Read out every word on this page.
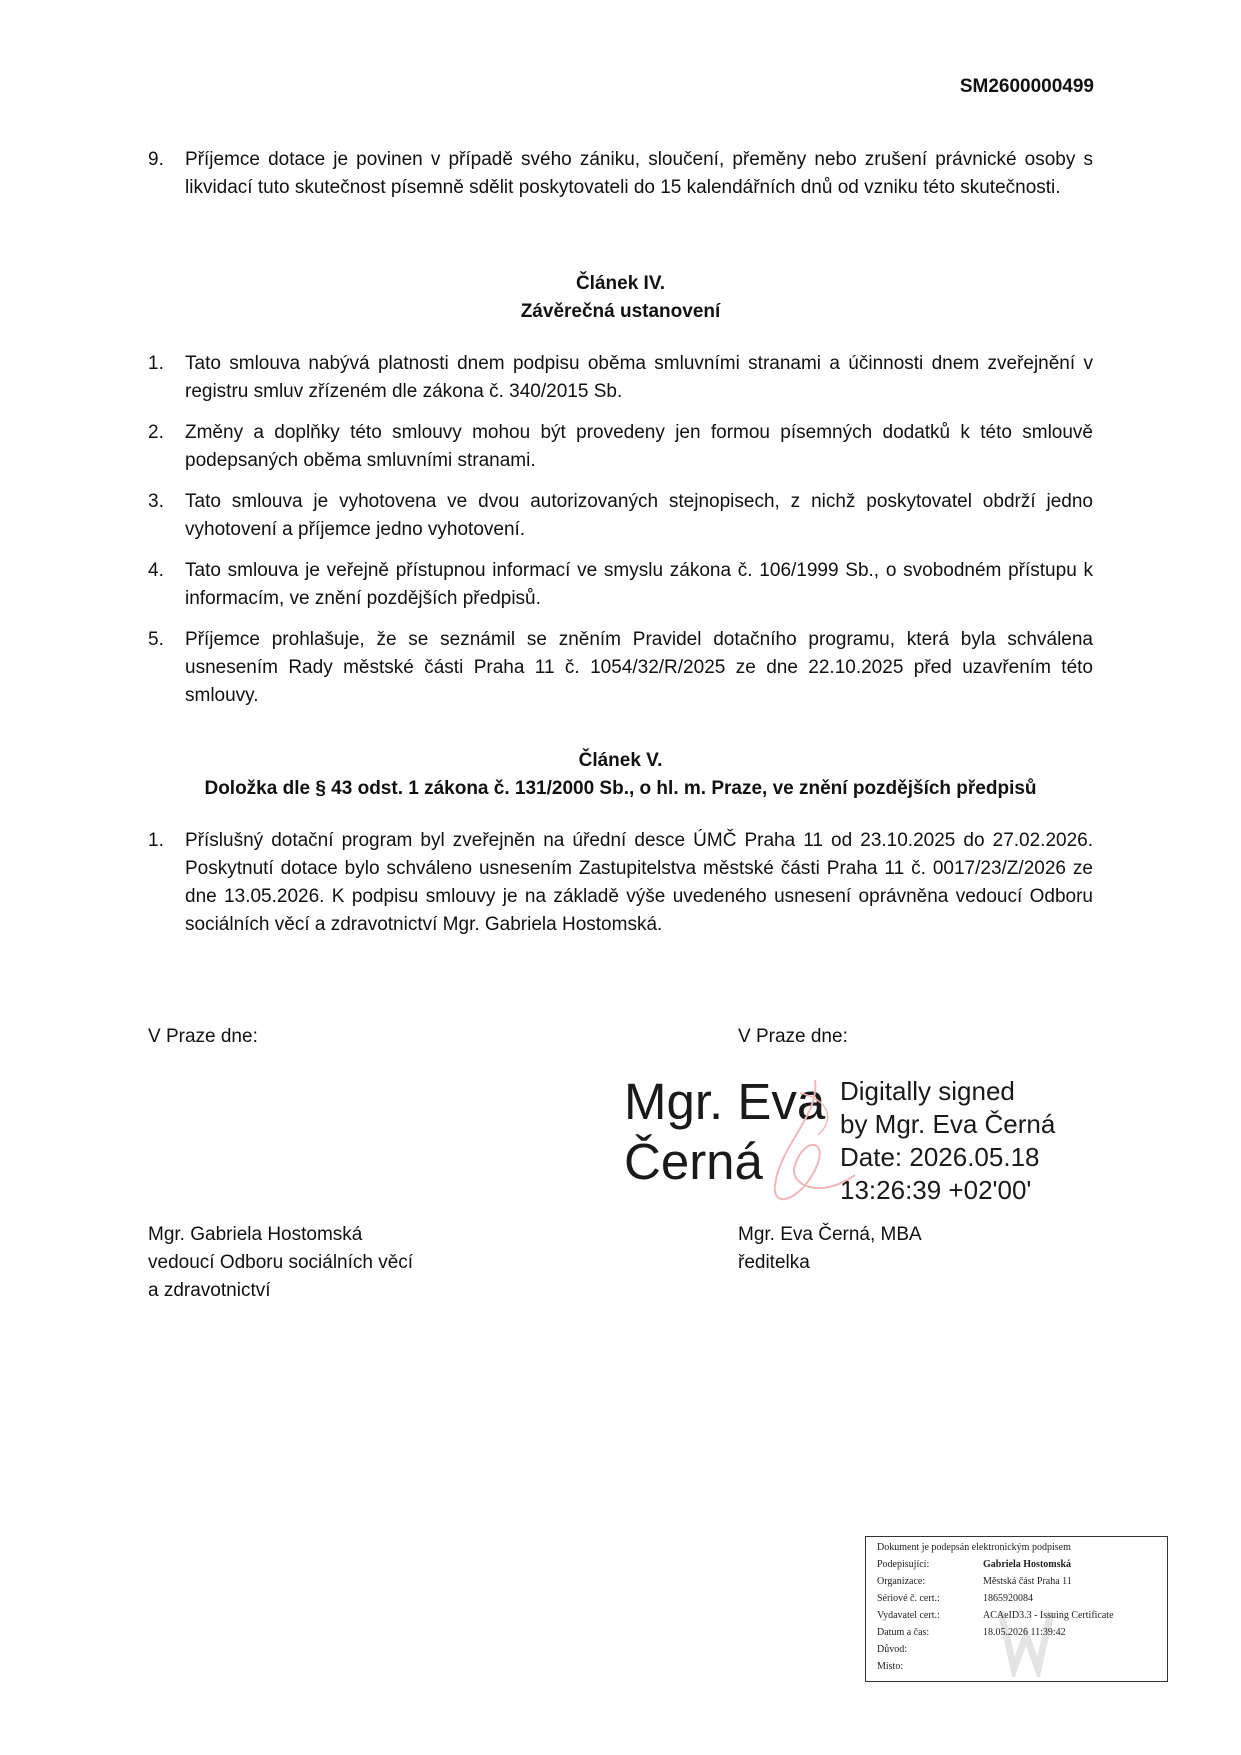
SM2600000499
9. Příjemce dotace je povinen v případě svého zániku, sloučení, přeměny nebo zrušení právnické osoby s likvidací tuto skutečnost písemně sdělit poskytovateli do 15 kalendářních dnů od vzniku této skutečnosti.
Článek IV.
Závěrečná ustanovení
1. Tato smlouva nabývá platnosti dnem podpisu oběma smluvními stranami a účinnosti dnem zveřejnění v registru smluv zřízeném dle zákona č. 340/2015 Sb.
2. Změny a doplňky této smlouvy mohou být provedeny jen formou písemných dodatků k této smlouvě podepsaných oběma smluvními stranami.
3. Tato smlouva je vyhotovena ve dvou autorizovaných stejnopisech, z nichž poskytovatel obdrží jedno vyhotovení a příjemce jedno vyhotovení.
4. Tato smlouva je veřejně přístupnou informací ve smyslu zákona č. 106/1999 Sb., o svobodném přístupu k informacím, ve znění pozdějších předpisů.
5. Příjemce prohlašuje, že se seznámil se zněním Pravidel dotačního programu, která byla schválena usnesením Rady městské části Praha 11 č. 1054/32/R/2025 ze dne 22.10.2025 před uzavřením této smlouvy.
Článek V.
Doložka dle § 43 odst. 1 zákona č. 131/2000 Sb., o hl. m. Praze, ve znění pozdějších předpisů
1. Příslušný dotační program byl zveřejněn na úřední desce ÚMČ Praha 11 od 23.10.2025 do 27.02.2026. Poskytnutí dotace bylo schváleno usnesením Zastupitelstva městské části Praha 11 č. 0017/23/Z/2026 ze dne 13.05.2026. K podpisu smlouvy je na základě výše uvedeného usnesení oprávněna vedoucí Odboru sociálních věcí a zdravotnictví Mgr. Gabriela Hostomská.
V Praze dne:	V Praze dne:
Mgr. Eva
Černá
Digitally signed
by Mgr. Eva Černá
Date: 2026.05.18
13:26:39 +02'00'
Mgr. Gabriela Hostomská
vedoucí Odboru sociálních věcí
a zdravotnictví
Mgr. Eva Černá, MBA
ředitelka
Dokument je podepsán elektronickým podpisem
Podepisující:	Gabriela Hostomská
Organizace:	Městská část Praha 11
Sériové č. cert.:	1865920084
Vydavatel cert.:	ACAeID3.3 - Issuing Certificate
Datum a čas:	18.05.2026 11:39:42
Důvod:
Místo:
